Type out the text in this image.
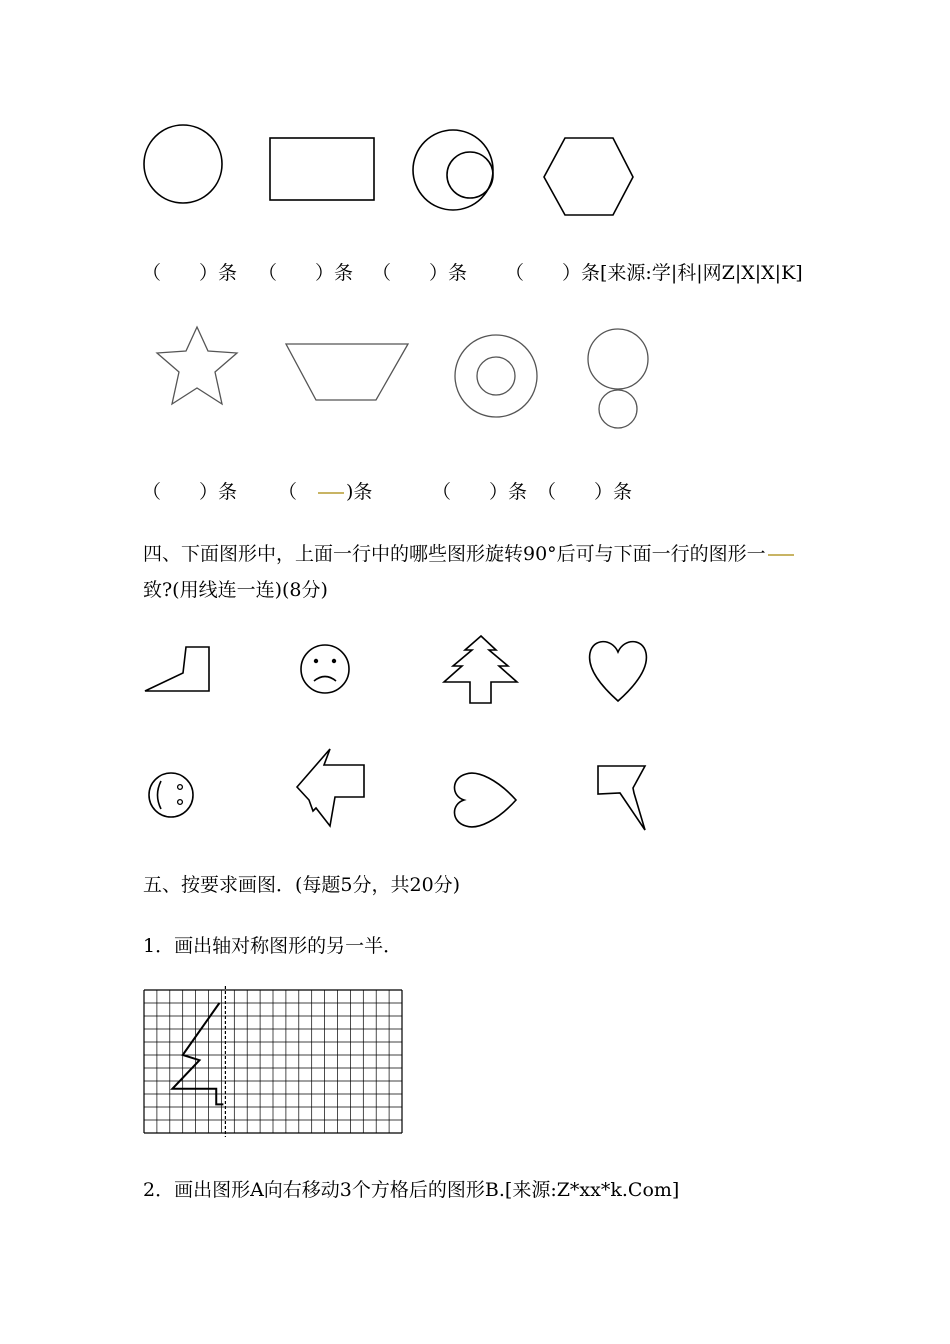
（　　）条 （　　）条 （　　）条 （　　）条[来源:学|科|网Z|X|X|K]
（　　）条 （　)条	（　　）条 （　　）条
四、下面图形中，上面一行中的哪些图形旋转90°后可与下面一行的图形一
致?(用线连一连)(8分)
五、按要求画图．(每题5分，共20分)
1．画出轴对称图形的另一半．
2．画出图形A向右移动3个方格后的图形B.[来源:Z*xx*k.Com]
